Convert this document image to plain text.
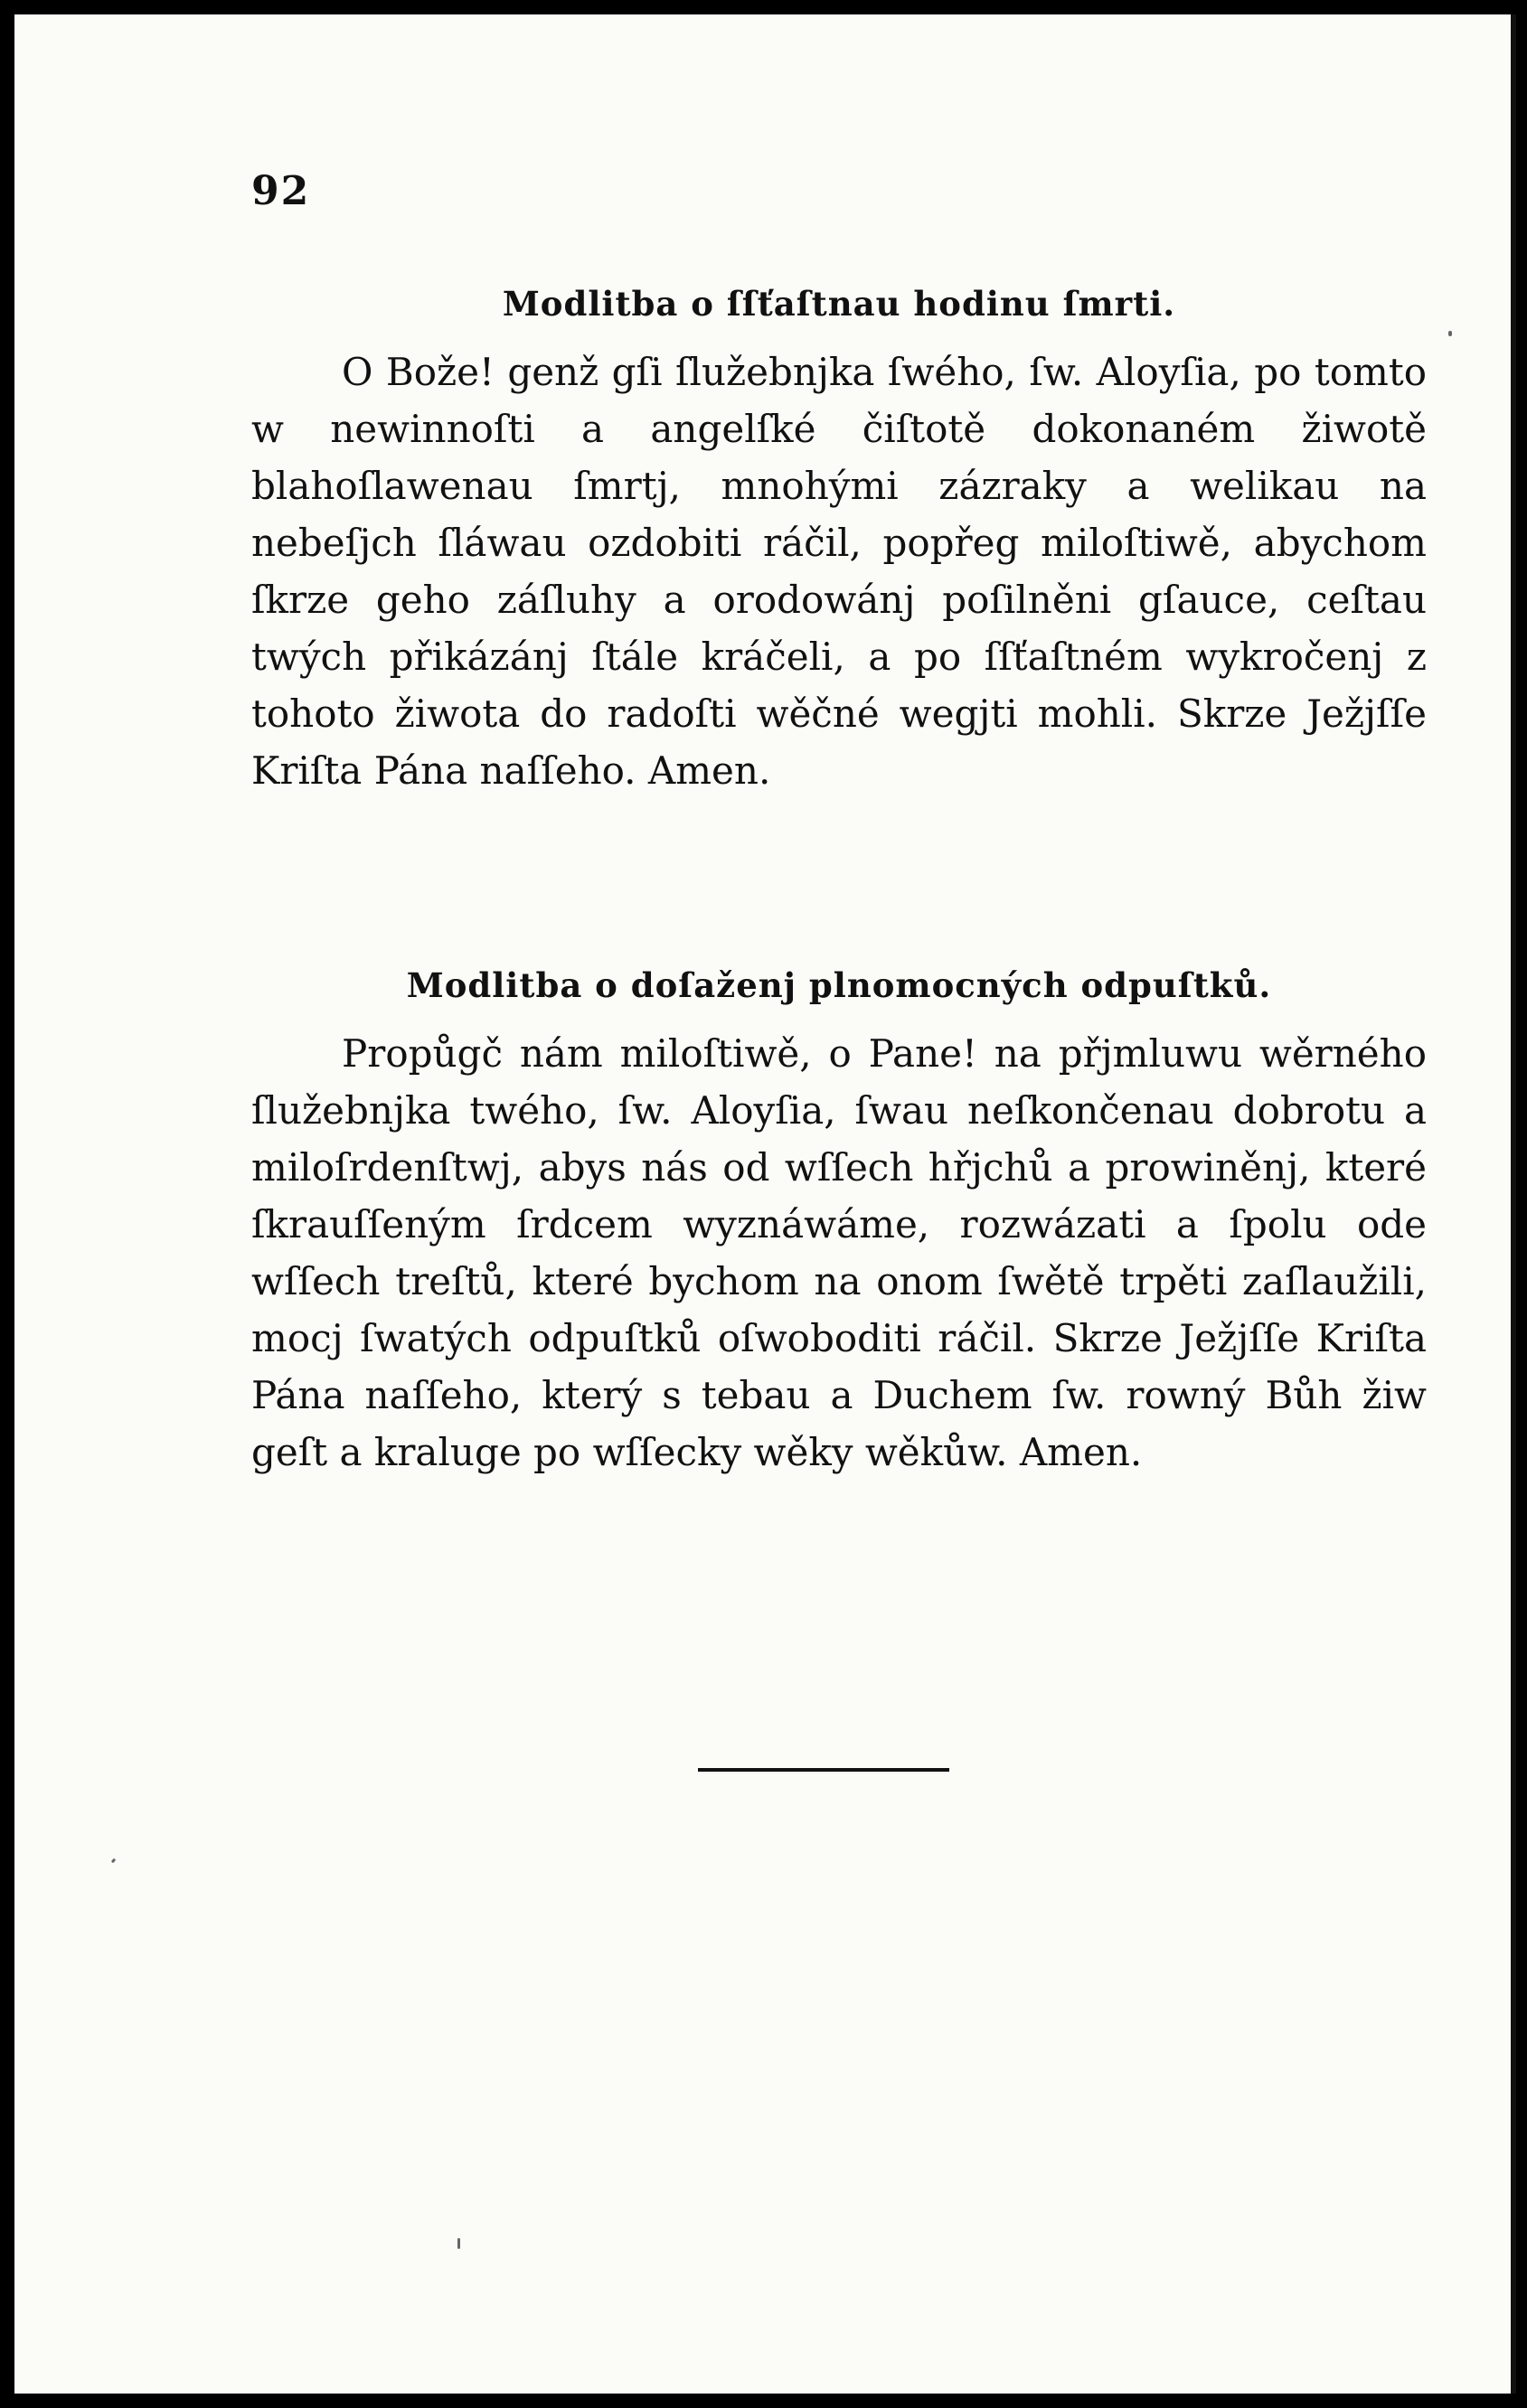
92
Modlitba o ſſťaſtnau hodinu ſmrti.

O Bože! genž gſi ſlužebnjka ſwého, ſw. Aloyſia, po tomto w newinnoſti a angelſké čiſtotě dokonaném žiwotě blahoſlawenau ſmrtj, mnohými zázraky a welikau na nebeſjch ſláwau ozdobiti ráčil, popřeg miloſtiwě, abychom ſkrze geho záſluhy a orodowánj poſilněni gſauce, ceſtau twých přikázánj ſtále kráčeli, a po ſſťaſtném wykročenj z tohoto žiwota do radoſti wěčné wegjti mohli. Skrze Ježjſſe Kriſta Pána naſſeho. Amen.

Modlitba o doſaženj plnomocných odpuſtků.

Propůgč nám miloſtiwě, o Pane! na přjmluwu wěrného ſlužebnjka twého, ſw. Aloyſia, ſwau neſkončenau dobrotu a miloſrdenſtwj, abys nás od wſſech hřjchů a prowiněnj, které ſkrauſſeným ſrdcem wyznáwáme, rozwázati a ſpolu ode wſſech treſtů, které bychom na onom ſwětě trpěti zaſlaužili, mocj ſwatých odpuſtků oſwoboditi ráčil. Skrze Ježjſſe Kriſta Pána naſſeho, který s tebau a Duchem ſw. rowný Bůh žiw geſt a kraluge po wſſecky wěky wěkůw. Amen.
